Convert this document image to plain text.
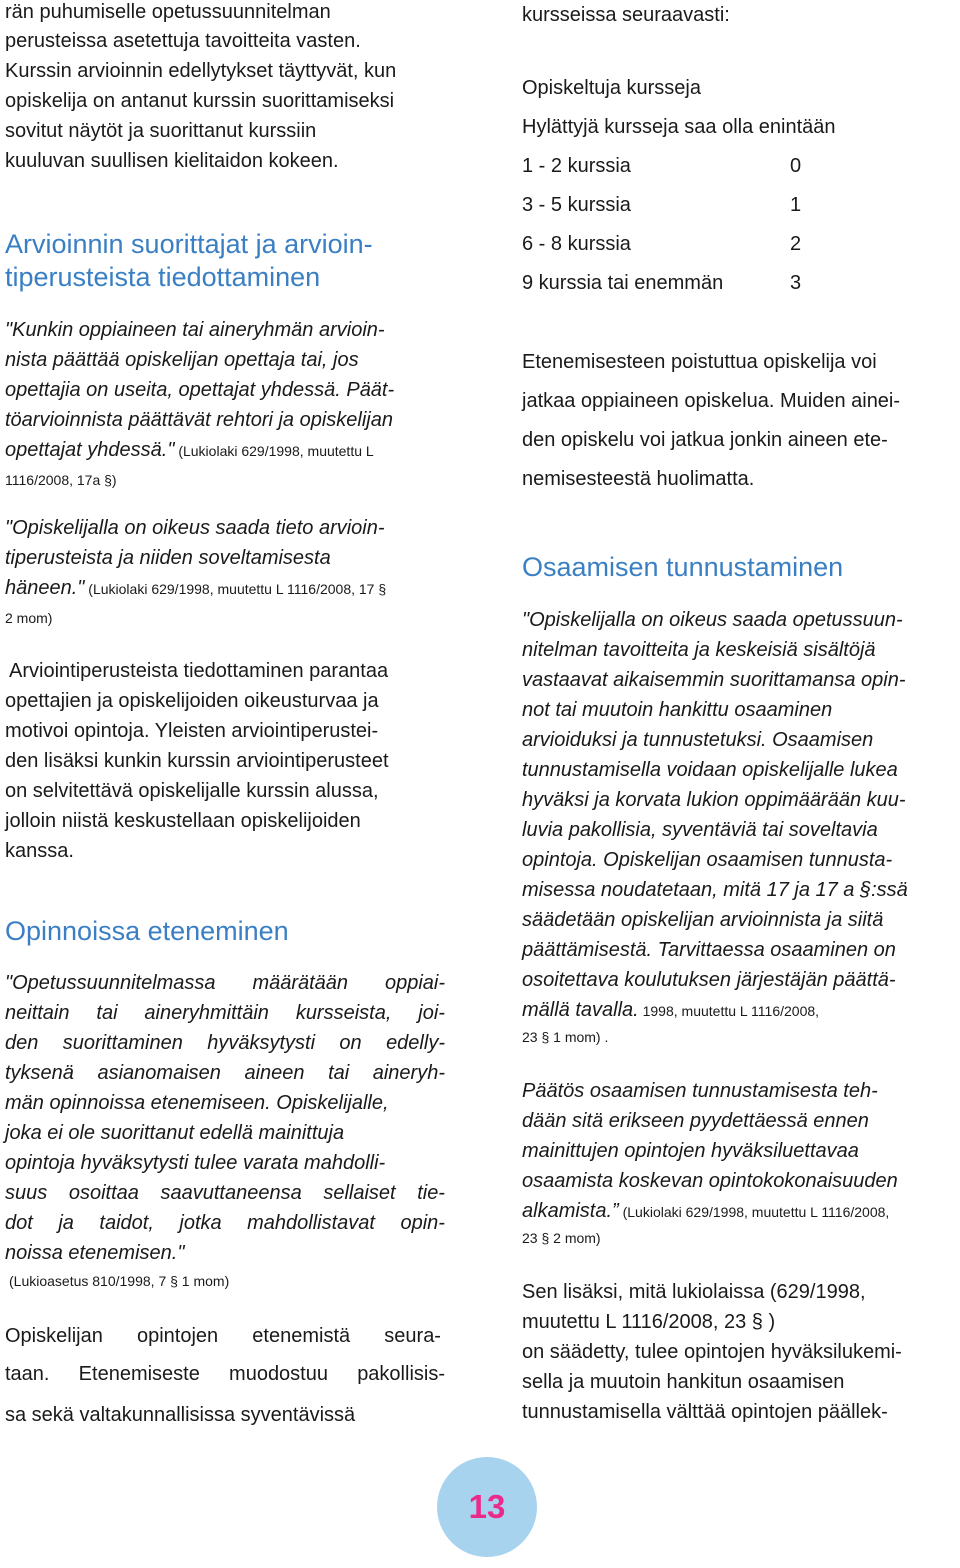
rän puhumiselle opetussuunnitelman
perusteissa asetettuja tavoitteita vasten.
Kurssin arvioinnin edellytykset täyttyvät, kun
opiskelija on antanut kurssin suorittamiseksi
sovitut näytöt ja suorittanut kurssiin
kuuluvan suullisen kielitaidon kokeen.
Arvioinnin suorittajat ja arvioin-
tiperusteista tiedottaminen
"Kunkin oppiaineen tai aineryhmän arvioin-
nista päättää opiskelijan opettaja tai, jos
opettajia on useita, opettajat yhdessä. Päät-
töarvioinnista päättävät rehtori ja opiskelijan
opettajat yhdessä." (Lukiolaki 629/1998, muutettu L
1116/2008, 17a §)
"Opiskelijalla on oikeus saada tieto arvioin-
tiperusteista ja niiden soveltamisesta
häneen." (Lukiolaki 629/1998, muutettu L 1116/2008, 17 §
2 mom)
Arviointiperusteista tiedottaminen parantaa
opettajien ja opiskelijoiden oikeusturvaa ja
motivoi opintoja. Yleisten arviointiperustei-
den lisäksi kunkin kurssin arviointiperusteet
on selvitettävä opiskelijalle kurssin alussa,
jolloin niistä keskustellaan opiskelijoiden
kanssa.
Opinnoissa eteneminen
"Opetussuunnitelmassa määrätään oppiai-
neittain tai aineryhmittäin kursseista, joi-
den suorittaminen hyväksytysti on edelly-
tyksenä asianomaisen aineen tai aineryh-
män opinnoissa etenemiseen. Opiskelijalle,
joka ei ole suorittanut edellä mainittuja
opintoja hyväksytysti tulee varata mahdolli-
suus osoittaa saavuttaneensa sellaiset tie-
dot ja taidot, jotka mahdollistavat opin-
noissa etenemisen."
(Lukioasetus 810/1998, 7 § 1 mom)
Opiskelijan opintojen etenemistä seura-
taan. Etenemiseste muodostuu pakollisis-
sa sekä valtakunnallisissa syventävissä
kursseissa seuraavasti:
Opiskeltuja kursseja
Hylättyjä kursseja saa olla enintään
1 - 2 kurssia	0
3 - 5 kurssia	1
6 - 8 kurssia	2
9 kurssia tai enemmän	3
Etenemisesteen poistuttua opiskelija voi
jatkaa oppiaineen opiskelua. Muiden ainei-
den opiskelu voi jatkua jonkin aineen ete-
nemisesteestä huolimatta.
Osaamisen tunnustaminen
"Opiskelijalla on oikeus saada opetussuun-
nitelman tavoitteita ja keskeisiä sisältöjä
vastaavat aikaisemmin suorittamansa opin-
not tai muutoin hankittu osaaminen
arvioiduksi ja tunnustetuksi. Osaamisen
tunnustamisella voidaan opiskelijalle lukea
hyväksi ja korvata lukion oppimäärään kuu-
luvia pakollisia, syventäviä tai soveltavia
opintoja. Opiskelijan osaamisen tunnusta-
misessa noudatetaan, mitä 17 ja 17 a §:ssä
säädetään opiskelijan arvioinnista ja siitä
päättämisestä. Tarvittaessa osaaminen on
osoitettava koulutuksen järjestäjän päättä-
mällä tavalla. 1998, muutettu L 1116/2008,
23 § 1 mom) .
Päätös osaamisen tunnustamisesta teh-
dään sitä erikseen pyydettäessä ennen
mainittujen opintojen hyväksiluettavaa
osaamista koskevan opintokokonaisuuden
alkamista.” (Lukiolaki 629/1998, muutettu L 1116/2008,
23 § 2 mom)
Sen lisäksi, mitä lukiolaissa (629/1998,
muutettu L 1116/2008, 23 § )
on säädetty, tulee opintojen hyväksilukemi-
sella ja muutoin hankitun osaamisen
tunnustamisella välttää opintojen päällek-
13
